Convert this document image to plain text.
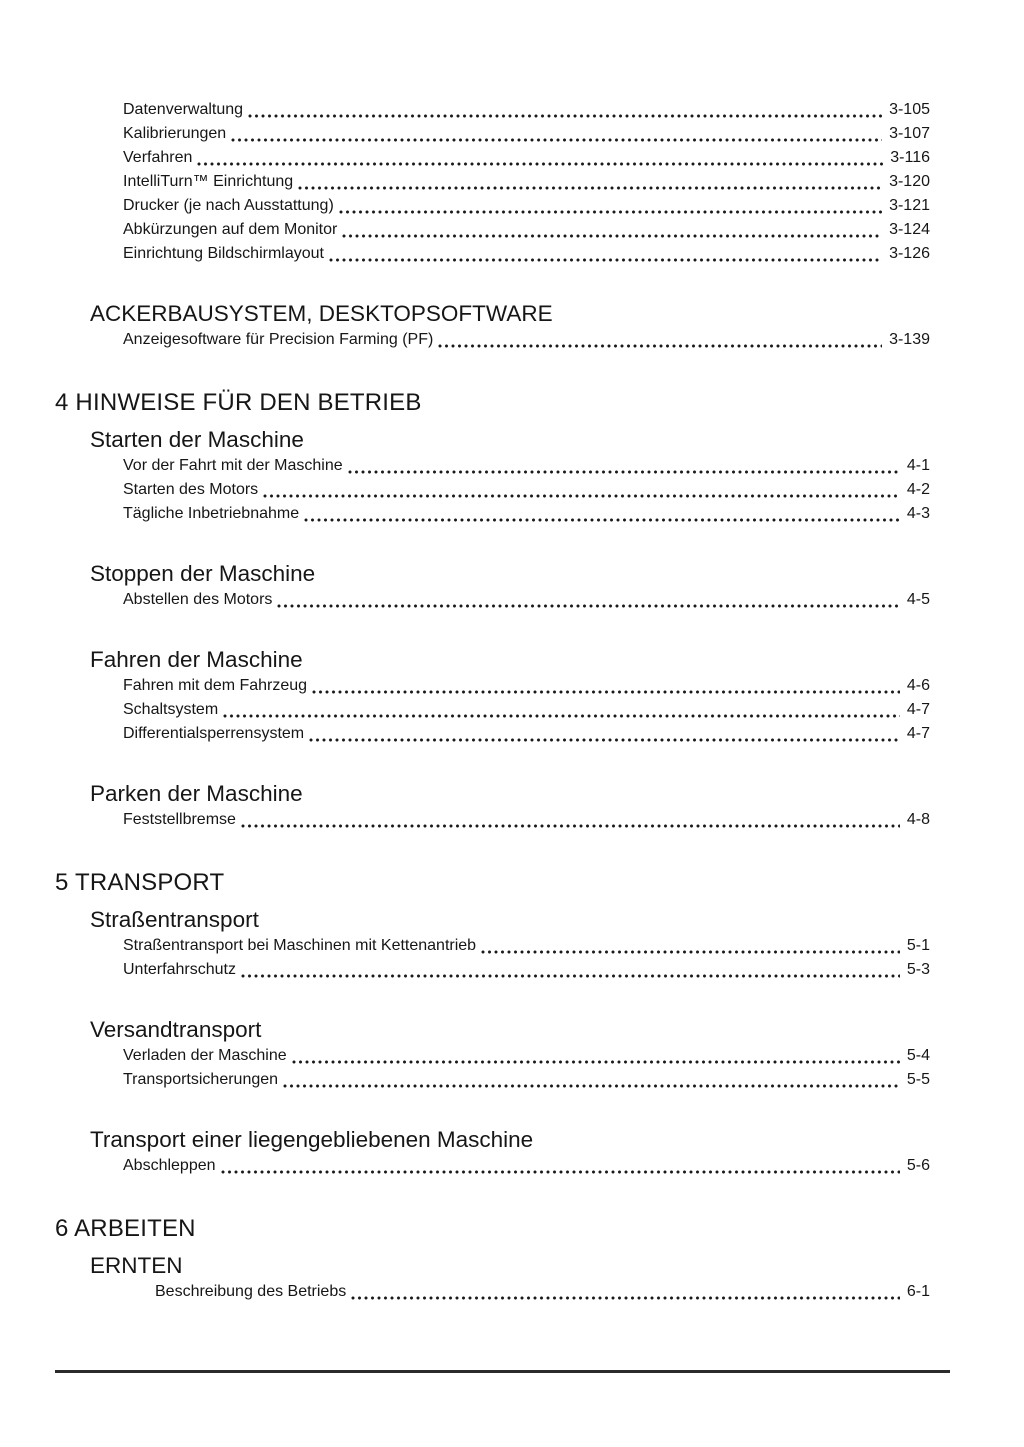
Datenverwaltung	3-105
Kalibrierungen	3-107
Verfahren	3-116
IntelliTurn™ Einrichtung	3-120
Drucker (je nach Ausstattung)	3-121
Abkürzungen auf dem Monitor	3-124
Einrichtung Bildschirmlayout	3-126
ACKERBAUSYSTEM, DESKTOPSOFTWARE
Anzeigesoftware für Precision Farming (PF)	3-139
4 HINWEISE FÜR DEN BETRIEB
Starten der Maschine
Vor der Fahrt mit der Maschine	4-1
Starten des Motors	4-2
Tägliche Inbetriebnahme	4-3
Stoppen der Maschine
Abstellen des Motors	4-5
Fahren der Maschine
Fahren mit dem Fahrzeug	4-6
Schaltsystem	4-7
Differentialsperrensystem	4-7
Parken der Maschine
Feststellbremse	4-8
5 TRANSPORT
Straßentransport
Straßentransport bei Maschinen mit Kettenantrieb	5-1
Unterfahrschutz	5-3
Versandtransport
Verladen der Maschine	5-4
Transportsicherungen	5-5
Transport einer liegengebliebenen Maschine
Abschleppen	5-6
6 ARBEITEN
ERNTEN
Beschreibung des Betriebs	6-1
